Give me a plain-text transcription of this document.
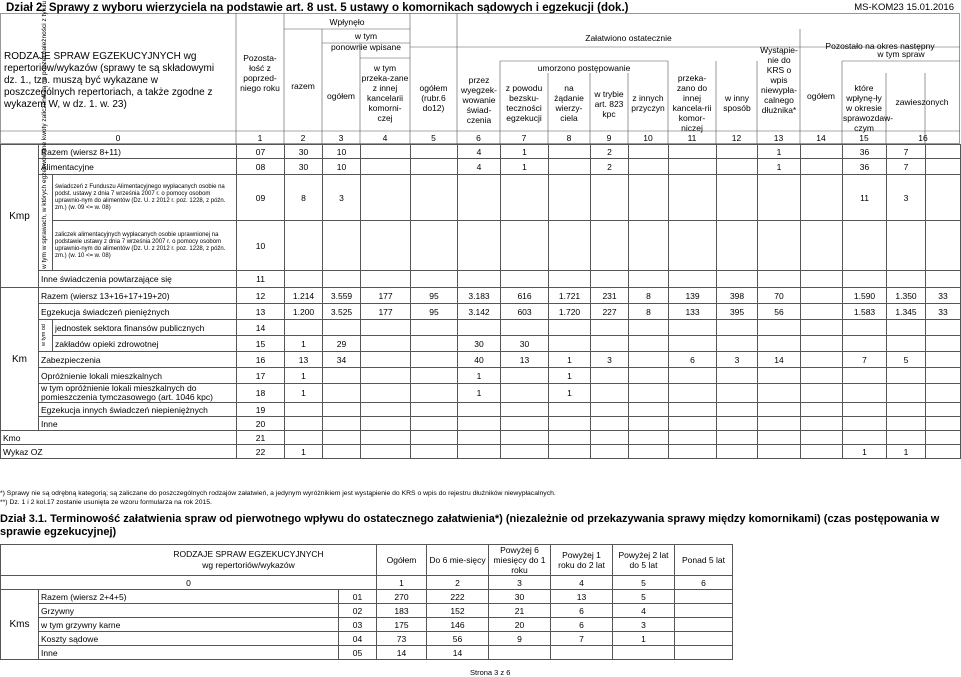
Dział 2. Sprawy z wyboru wierzyciela na podstawie art. 8 ust. 5 ustawy o komornikach sądowych i egzekucji (dok.)	MS-KOM23 15.01.2016
RODZAJE SPRAW EGZEKUCYJNYCH wg repertoriów/wykazów (sprawy te są składowymi dz. 1., tzn. muszą być wykazane w poszczególnych repertoriach, a także zgodne z wykazem W, w dz. 1. w. 23)
Pozosta-łość z poprzed-niego roku
Wpłynęło
razem
w tym
ponownie wpisane
ogółem
w tym przeka-zane z innej kancelarii komorni-czej
Załatwiono ostatecznie
ogółem (rubr.6 do12)
przez wyegzek-wowanie świad-czenia
umorzono postępowanie
z powodu bezsku-teczności egzekucji
na żądanie wierzy-ciela
w trybie art. 823 kpc
z innych przyczyn
przeka-zano do innej kancela-rii komor-niczej
w inny sposób
Wystąpie-nie do KRS o wpis niewypła-calnego dłużnika*
Pozostało na okres następny
ogółem
w tym spraw
które wpłynę-ły w okresie sprawozdaw-czym
zawieszonych
0	1	2	3	4	5	6	7	8	9	10	11	12	13	14	15	16
Kmp	Razem (wiersz 8+11)		07	30	10			4	1		2				1		36	7	
	Alimentacyjne		08	30	10			4	1		2				1		36	7	

	w tym w sprawach, w których egzekwowane kwoty zaliczane są na poczet należności z tytułu	świadczeń z Funduszu Alimentacyjnego wypłacanych osobie na podst. ustawy z dnia 7 września 2007 r. o pomocy osobom uprawnio-nym do alimentów (Dz. U. z 2012 r. poz. 1228, z późn. zm.) (w. 09 <= w. 08)	09	8	3												11	3	
		zaliczek alimentacyjnych wypłacanych osobie uprawnionej na podstawie ustawy z dnia 7 września 2007 r. o pomocy osobom uprawnio-nym do alimentów (Dz. U. z 2012 r. poz. 1228, z późn. zm.) (w. 10 <= w. 08)	10																
	Inne świadczenia powtarzające się		11																
Km	Razem (wiersz 13+16+17+19+20)		12	1.214	3.559	177	95	3.183	616	1.721	231	8	139	398	70		1.590	1.350	33
	Egzekucja świadczeń pieniężnych		13	1.200	3.525	177	95	3.142	603	1.720	227	8	133	395	56		1.583	1.345	33

	w tym od	jednostek sektora finansów publicznych	14																
		zakładów opieki zdrowotnej	15	1	29			30	30										
	Zabezpieczenia		16	13	34			40	13	1	3		6	3	14		7	5	
	Opróżnienie lokali mieszkalnych		17	1				1		1									
	w tym opróżnienie lokali mieszkalnych do pomieszczenia tymczasowego (art. 1046 kpc)		18	1				1		1									
	Egzekucja innych świadczeń niepieniężnych		19																
	Inne		20																
Kmo			21																
Wykaz OZ			22	1													1	1	
*) Sprawy nie są odrębną kategorią; są zaliczane do poszczególnych rodzajów załatwień, a jedynym wyróżnikiem jest wystąpienie do KRS o wpis do rejestru dłużników niewypłacalnych.
**) Dz. 1 i 2 kol.17 zostanie usunięta ze wzoru formularza na rok 2015.
Dział 3.1. Terminowość załatwienia spraw od pierwotnego wpływu do ostatecznego załatwienia*) (niezależnie od przekazywania sprawy między komornikami) (czas postępowania w sprawie egzekucyjnej)
RODZAJE SPRAW EGZEKUCYJNYCH wg repertoriów/wykazów			Ogółem	Do 6 mie-sięcy	Powyżej 6 miesięcy do 1 roku	Powyżej 1 roku do 2 lat	Powyżej 2 lat do 5 lat	Ponad 5 lat
0			1	2	3	4	5	6
Kms	Razem (wiersz 2+4+5)	01	270	222	30	13	5	
	Grzywny	02	183	152	21	6	4	
	w tym grzywny karne	03	175	146	20	6	3	
	Koszty sądowe	04	73	56	9	7	1	
	Inne	05	14	14				
Strona 3 z 6
